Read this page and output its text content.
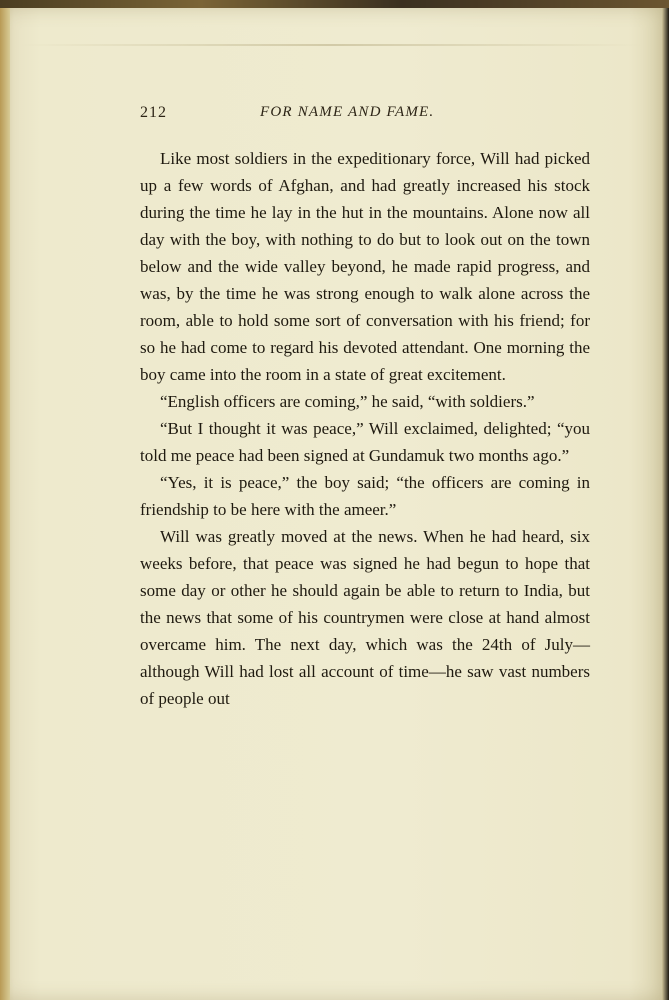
212	FOR NAME AND FAME.

Like most soldiers in the expeditionary force, Will had picked up a few words of Afghan, and had greatly increased his stock during the time he lay in the hut in the mountains. Alone now all day with the boy, with nothing to do but to look out on the town below and the wide valley beyond, he made rapid progress, and was, by the time he was strong enough to walk alone across the room, able to hold some sort of conversation with his friend; for so he had come to regard his devoted attendant. One morning the boy came into the room in a state of great excitement.

“English officers are coming,” he said, “with soldiers.”

“But I thought it was peace,” Will exclaimed, delighted; “you told me peace had been signed at Gundamuk two months ago.”

“Yes, it is peace,” the boy said; “the officers are coming in friendship to be here with the ameer.”

Will was greatly moved at the news. When he had heard, six weeks before, that peace was signed he had begun to hope that some day or other he should again be able to return to India, but the news that some of his countrymen were close at hand almost overcame him. The next day, which was the 24th of July—although Will had lost all account of time—he saw vast numbers of people out
